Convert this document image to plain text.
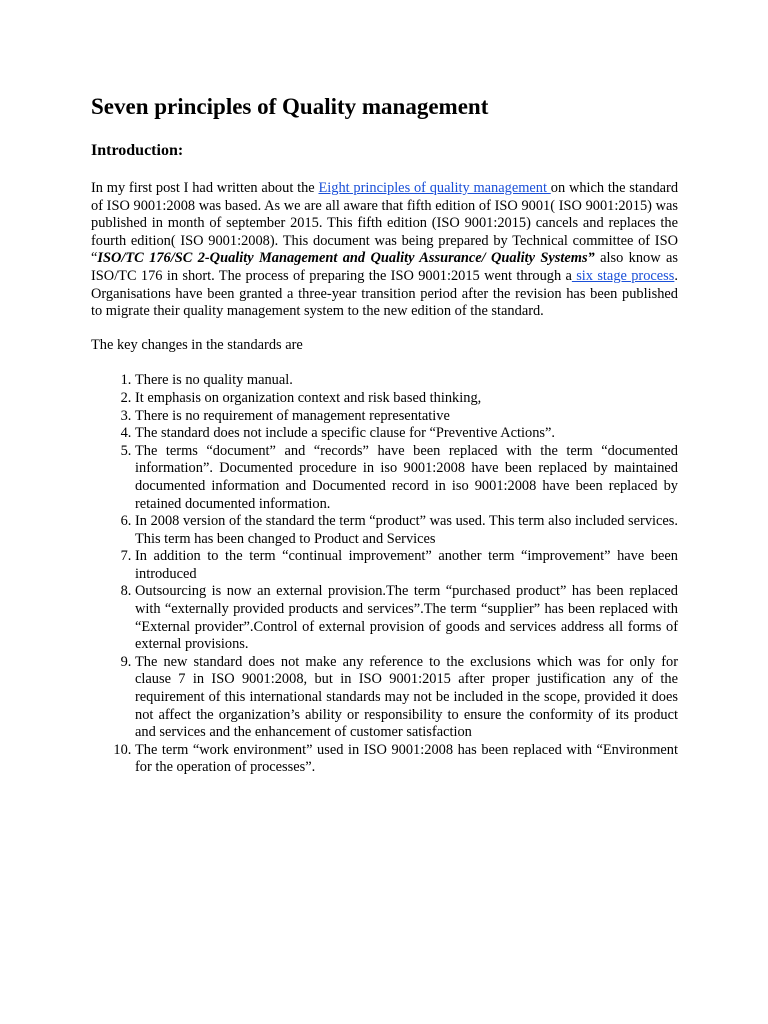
Seven principles of Quality management
Introduction:

In my first post I had written about the Eight principles of quality management on which the standard of ISO 9001:2008 was based. As we are all aware that fifth edition of ISO 9001( ISO 9001:2015) was published in month of september 2015. This fifth edition (ISO 9001:2015) cancels and replaces the fourth edition( ISO 9001:2008). This document was being prepared by Technical committee of ISO “ISO/TC 176/SC 2-Quality Management and Quality Assurance/ Quality Systems” also know as ISO/TC 176 in short. The process of preparing the ISO 9001:2015 went through a six stage process. Organisations have been granted a three-year transition period after the revision has been published to migrate their quality management system to the new edition of the standard.

The key changes in the standards are

1. There is no quality manual.
2. It emphasis on organization context and risk based thinking,
3. There is no requirement of management representative
4. The standard does not include a specific clause for “Preventive Actions”.
5. The terms “document” and “records” have been replaced with the term “documented information”. Documented procedure in iso 9001:2008 have been replaced by maintained documented information and Documented record in iso 9001:2008 have been replaced by retained documented information.
6. In 2008 version of the standard the term “product” was used. This term also included services. This term has been changed to Product and Services
7. In addition to the term “continual improvement” another term “improvement” have been introduced
8. Outsourcing is now an external provision.The term “purchased product” has been replaced with “externally provided products and services”.The term “supplier” has been replaced with “External provider”.Control of external provision of goods and services address all forms of external provisions.
9. The new standard does not make any reference to the exclusions which was for only for clause 7 in ISO 9001:2008, but in ISO 9001:2015 after proper justification any of the requirement of this international standards may not be included in the scope, provided it does not affect the organization’s ability or responsibility to ensure the conformity of its product and services and the enhancement of customer satisfaction
10. The term “work environment” used in ISO 9001:2008 has been replaced with “Environment for the operation of processes”.
